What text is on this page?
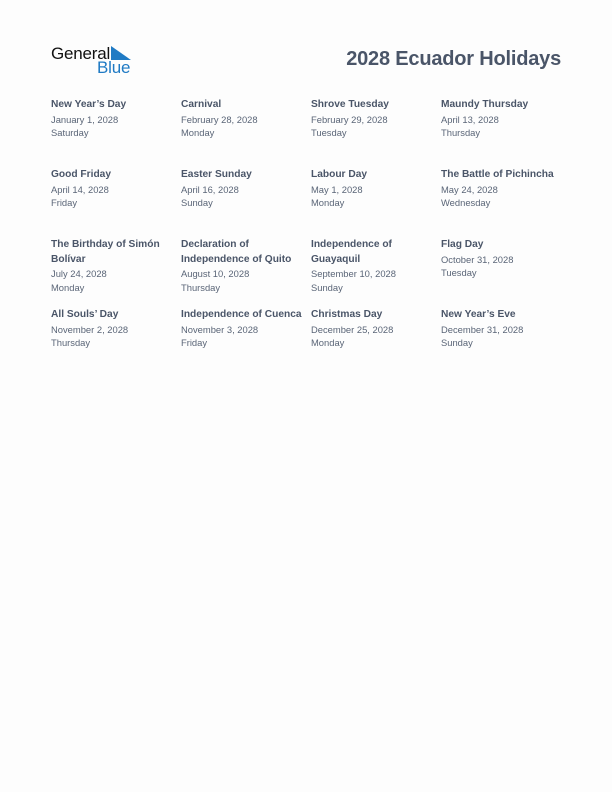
General
Blue	2028 Ecuador Holidays
New Year’s Day
January 1, 2028
Saturday
Carnival
February 28, 2028
Monday
Shrove Tuesday
February 29, 2028
Tuesday
Maundy Thursday
April 13, 2028
Thursday
Good Friday
April 14, 2028
Friday
Easter Sunday
April 16, 2028
Sunday
Labour Day
May 1, 2028
Monday
The Battle of Pichincha
May 24, 2028
Wednesday
The Birthday of Simón Bolívar
July 24, 2028
Monday
Declaration of Independence of Quito
August 10, 2028
Thursday
Independence of Guayaquil
September 10, 2028
Sunday
Flag Day
October 31, 2028
Tuesday
All Souls’ Day
November 2, 2028
Thursday
Independence of Cuenca
November 3, 2028
Friday
Christmas Day
December 25, 2028
Monday
New Year’s Eve
December 31, 2028
Sunday
